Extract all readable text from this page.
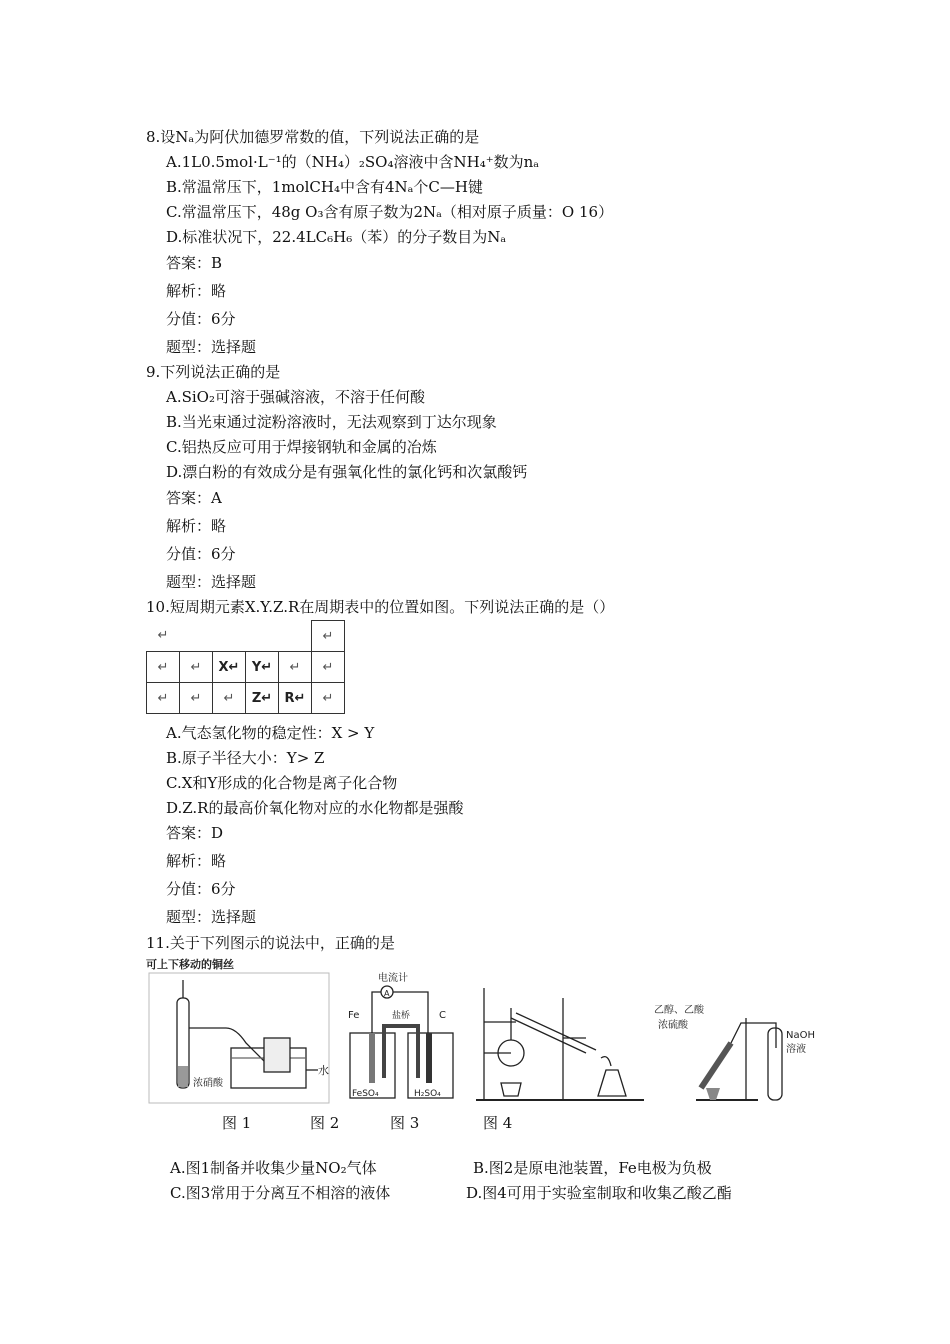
8.设Nₐ为阿伏加德罗常数的值，下列说法正确的是
A.1L0.5mol·L⁻¹的（NH₄）₂SO₄溶液中含NH₄⁺数为nₐ
B.常温常压下，1molCH₄中含有4Nₐ个C—H键
C.常温常压下，48g O₃含有原子数为2Nₐ（相对原子质量：O 16）
D.标准状况下，22.4LC₆H₆（苯）的分子数目为Nₐ
答案：B
解析：略
分值：6分
题型：选择题
9.下列说法正确的是
A.SiO₂可溶于强碱溶液，不溶于任何酸
B.当光束通过淀粉溶液时，无法观察到丁达尔现象
C.铝热反应可用于焊接钢轨和金属的冶炼
D.漂白粉的有效成分是有强氧化性的氯化钙和次氯酸钙
答案：A
解析：略
分值：6分
题型：选择题
10.短周期元素X.Y.Z.R在周期表中的位置如图。下列说法正确的是（）
↵					↵
↵	↵	X↵	Y↵	↵	↵
↵	↵	↵	Z↵	R↵	↵
A.气态氢化物的稳定性：X > Y
B.原子半径大小：Y> Z
C.X和Y形成的化合物是离子化合物
D.Z.R的最高价氧化物对应的水化物都是强酸
答案：D
解析：略
分值：6分
题型：选择题
11.关于下列图示的说法中，正确的是
可上下移动的铜丝
浓硝酸
水
电流计
A
Fe	C
盐桥
FeSO₄	H₂SO₄
乙醇、乙酸
浓硫酸
NaOH
溶液
图 1	图 2	图 3	图 4
A.图1制备并收集少量NO₂气体	B.图2是原电池装置，Fe电极为负极
C.图3常用于分离互不相溶的液体	D.图4可用于实验室制取和收集乙酸乙酯
